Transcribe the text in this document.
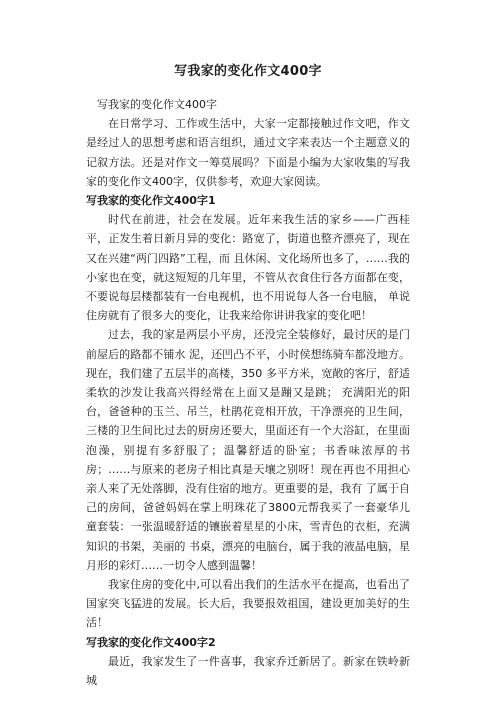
写我家的变化作文400字

写我家的变化作文400字

在日常学习、工作或生活中，大家一定都接触过作文吧，作文是经过人的思想考虑和语言组织，通过文字来表达一个主题意义的记叙方法。还是对作文一筹莫展吗？下面是小编为大家收集的写我家的变化作文400字，仅供参考，欢迎大家阅读。

写我家的变化作文400字1

时代在前进，社会在发展。近年来我生活的家乡——广西桂平，正发生着日新月异的变化：路宽了，街道也整齐漂亮了，现在又在兴建“两门四路”工程，而 且休闲、文化场所也多了，……我的小家也在变，就这短短的几年里，不管从衣食住行各方面都在变，不要说每层楼都装有一台电视机，也不用说每人各一台电脑， 单说住房就有了很多大的变化，让我来给你讲讲我家的变化吧！

过去，我的家是两层小平房，还没完全装修好，最讨厌的是门前屋后的路都不铺水 泥，还凹凸不平，小时侯想练骑车都没地方。现在，我们建了五层半的高楼，350 多平方米，宽敞的客厅，舒适柔软的沙发让我高兴得经常在上面又是蹦又是跳； 充满阳光的阳台，爸爸种的玉兰、吊兰，杜鹃花竞相开放，干净漂亮的卫生间，三楼的卫生间比过去的厨房还要大，里面还有一个大浴缸，在里面泡澡，别提有多舒服了；温馨舒适的卧室；书香味浓厚的书房；……与原来的老房子相比真是天壤之别呀！现在再也不用担心亲人来了无处落脚，没有住宿的地方。更重要的是，我有 了属于自己的房间，爸爸妈妈在掌上明珠花了3800元帮我买了一套豪华儿童套装：一张温暖舒适的镶嵌着星星的小床，雪青色的衣柜，充满知识的书架，美丽的 书桌，漂亮的电脑台，属于我的液晶电脑，星月形的彩灯……一切令人感到温馨！

我家住房的变化中,可以看出我们的生活水平在提高，也看出了国家突飞猛进的发展。长大后，我要报效祖国，建设更加美好的生活！

写我家的变化作文400字2

最近，我家发生了一件喜事，我家乔迁新居了。新家在铁岭新城
